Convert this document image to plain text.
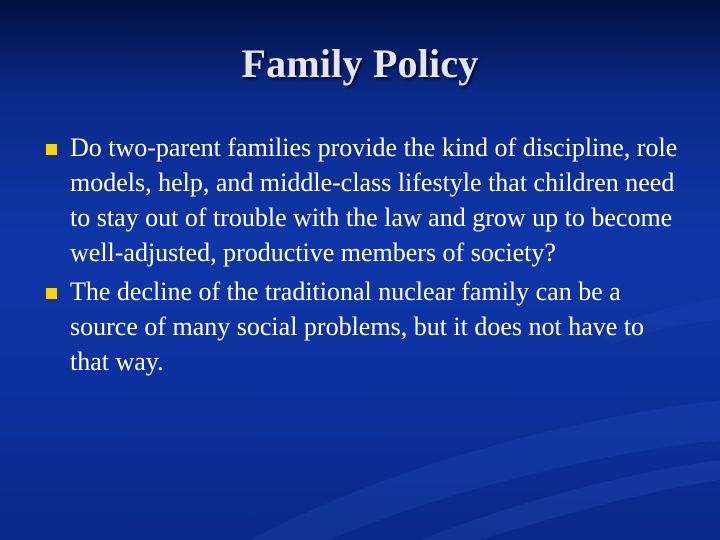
Family Policy
Do two-parent families provide the kind of discipline, role models, help, and middle-class lifestyle that children need to stay out of trouble with the law and grow up to become well-adjusted, productive members of society?
The decline of the traditional nuclear family can be a source of many social problems, but it does not have to that way.
